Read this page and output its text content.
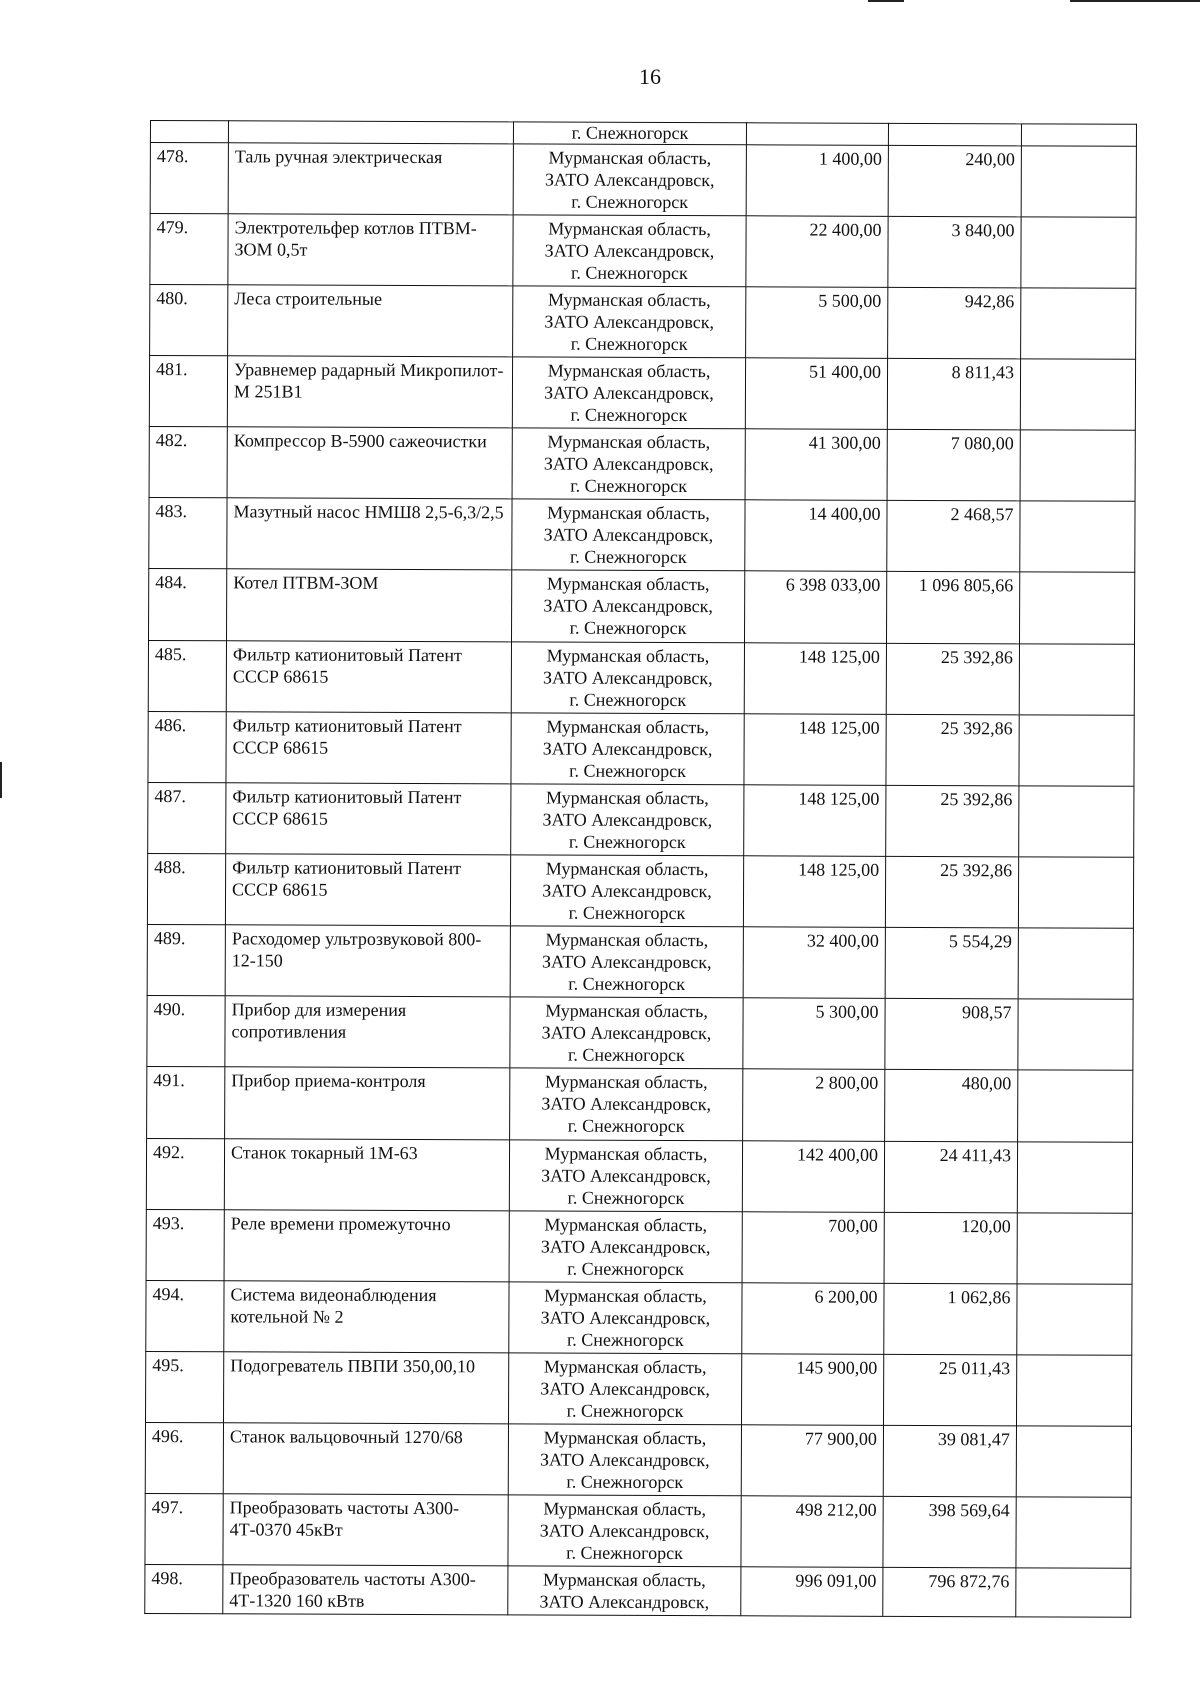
16
		г. Снежногорск			
478.	Таль ручная электрическая	Мурманская область,
ЗАТО Александровск,
г. Снежногорск	1 400,00	240,00	
479.	Электротельфер котлов ПТВМ-ЗОМ 0,5т	Мурманская область,
ЗАТО Александровск,
г. Снежногорск	22 400,00	3 840,00	
480.	Леса строительные	Мурманская область,
ЗАТО Александровск,
г. Снежногорск	5 500,00	942,86	
481.	Уравнемер радарный Микропилот-М 251В1	Мурманская область,
ЗАТО Александровск,
г. Снежногорск	51 400,00	8 811,43	
482.	Компрессор В-5900 сажеочистки	Мурманская область,
ЗАТО Александровск,
г. Снежногорск	41 300,00	7 080,00	
483.	Мазутный насос НМШ8 2,5-6,3/2,5	Мурманская область,
ЗАТО Александровск,
г. Снежногорск	14 400,00	2 468,57	
484.	Котел ПТВМ-ЗОМ	Мурманская область,
ЗАТО Александровск,
г. Снежногорск	6 398 033,00	1 096 805,66	
485.	Фильтр катионитовый Патент СССР 68615	Мурманская область,
ЗАТО Александровск,
г. Снежногорск	148 125,00	25 392,86	
486.	Фильтр катионитовый Патент СССР 68615	Мурманская область,
ЗАТО Александровск,
г. Снежногорск	148 125,00	25 392,86	
487.	Фильтр катионитовый Патент СССР 68615	Мурманская область,
ЗАТО Александровск,
г. Снежногорск	148 125,00	25 392,86	
488.	Фильтр катионитовый Патент СССР 68615	Мурманская область,
ЗАТО Александровск,
г. Снежногорск	148 125,00	25 392,86	
489.	Расходомер ультрозвуковой 800-12-150	Мурманская область,
ЗАТО Александровск,
г. Снежногорск	32 400,00	5 554,29	
490.	Прибор для измерения сопротивления	Мурманская область,
ЗАТО Александровск,
г. Снежногорск	5 300,00	908,57	
491.	Прибор приема-контроля	Мурманская область,
ЗАТО Александровск,
г. Снежногорск	2 800,00	480,00	
492.	Станок токарный 1М-63	Мурманская область,
ЗАТО Александровск,
г. Снежногорск	142 400,00	24 411,43	
493.	Реле времени промежуточно	Мурманская область,
ЗАТО Александровск,
г. Снежногорск	700,00	120,00	
494.	Система видеонаблюдения котельной № 2	Мурманская область,
ЗАТО Александровск,
г. Снежногорск	6 200,00	1 062,86	
495.	Подогреватель ПВПИ 350,00,10	Мурманская область,
ЗАТО Александровск,
г. Снежногорск	145 900,00	25 011,43	
496.	Станок вальцовочный 1270/68	Мурманская область,
ЗАТО Александровск,
г. Снежногорск	77 900,00	39 081,47	
497.	Преобразовать частоты А300-4Т-0370 45кВт	Мурманская область,
ЗАТО Александровск,
г. Снежногорск	498 212,00	398 569,64	
498.	Преобразователь частоты А300-4Т-1320 160 кВтв	Мурманская область,
ЗАТО Александровск,	996 091,00	796 872,76	
